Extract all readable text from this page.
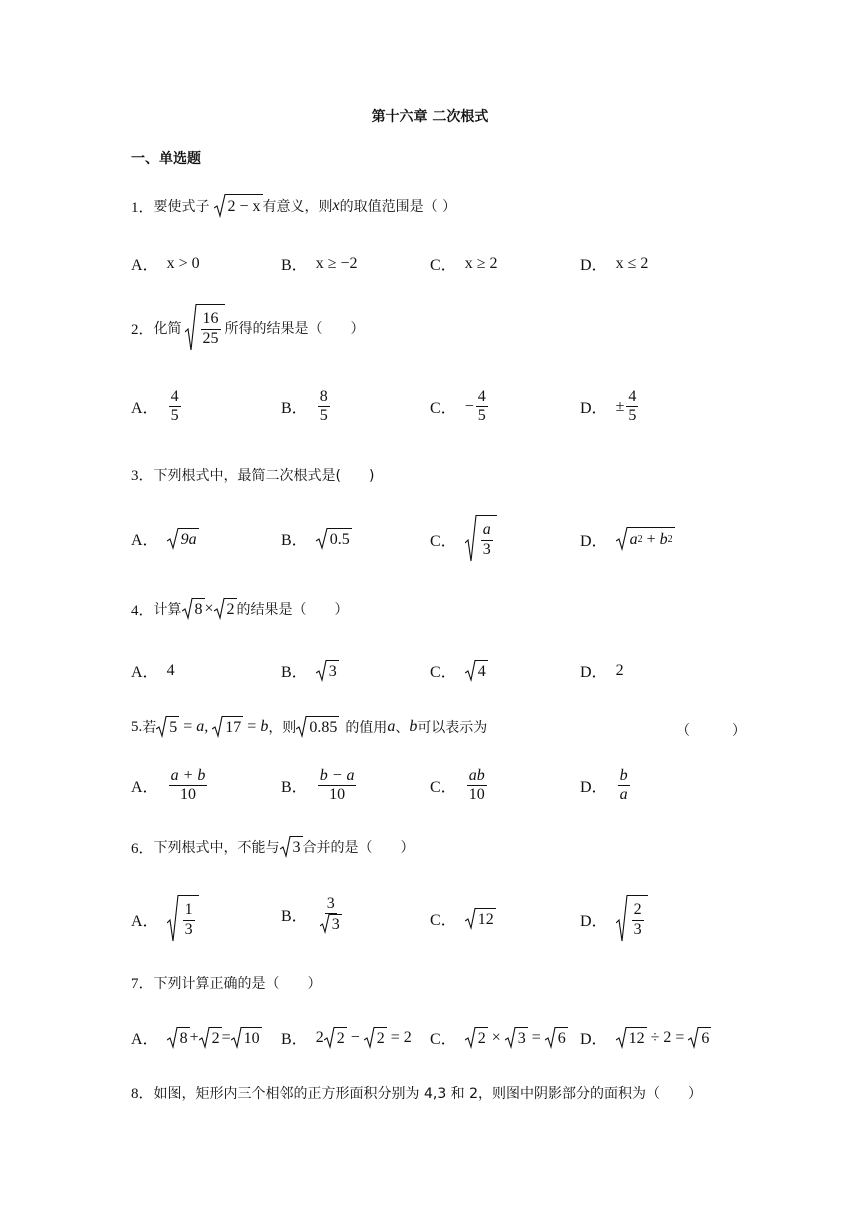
第十六章 二次根式
一、单选题
1． 要使式子 2 − x 有意义，则 x 的取值范围是（ ）
A． x > 0	B． x ≥ −2	C． x ≥ 2	D． x ≤ 2
2． 化简 $\frac{16}{25}$ 所得的结果是（　　）
A． $\frac{4}{5}$	B． $\frac{8}{5}$	C． − $\frac{4}{5}$	D． ± $\frac{4}{5}$
3． 下列根式中，最简二次根式是(　　)
A． 9a	B． 0.5	C． $\frac{a}{3}$	D． a 2 + b 2
4． 计算 8 × 2 的结果是（　　）
A． 4	B． 3	C． 4	D． 2
5. 若 5 = a,
17 = b ，则 0.85 的值用 a 、 b 可以表示为	（　　　）
A． $\frac{a + b}{10}$	B． $\frac{b - a}{10}$	C． $\frac{ab}{10}$	D． $\frac{b}{a}$
6． 下列根式中，不能与 3 合并的是（　　）
A． $\frac{1}{3}$	B． $\frac{3}{3}$	C． 12	D． $\frac{2}{3}$
7． 下列计算正确的是（　　）
A． 8 + 2 = 10 B． 2 2 − 2 = 2 C． 2 × 3 = 6 D． 12 ÷ 2 = 6
8． 如图，矩形内三个相邻的正方形面积分别为 4,3 和 2，则图中阴影部分的面积为（　　）
